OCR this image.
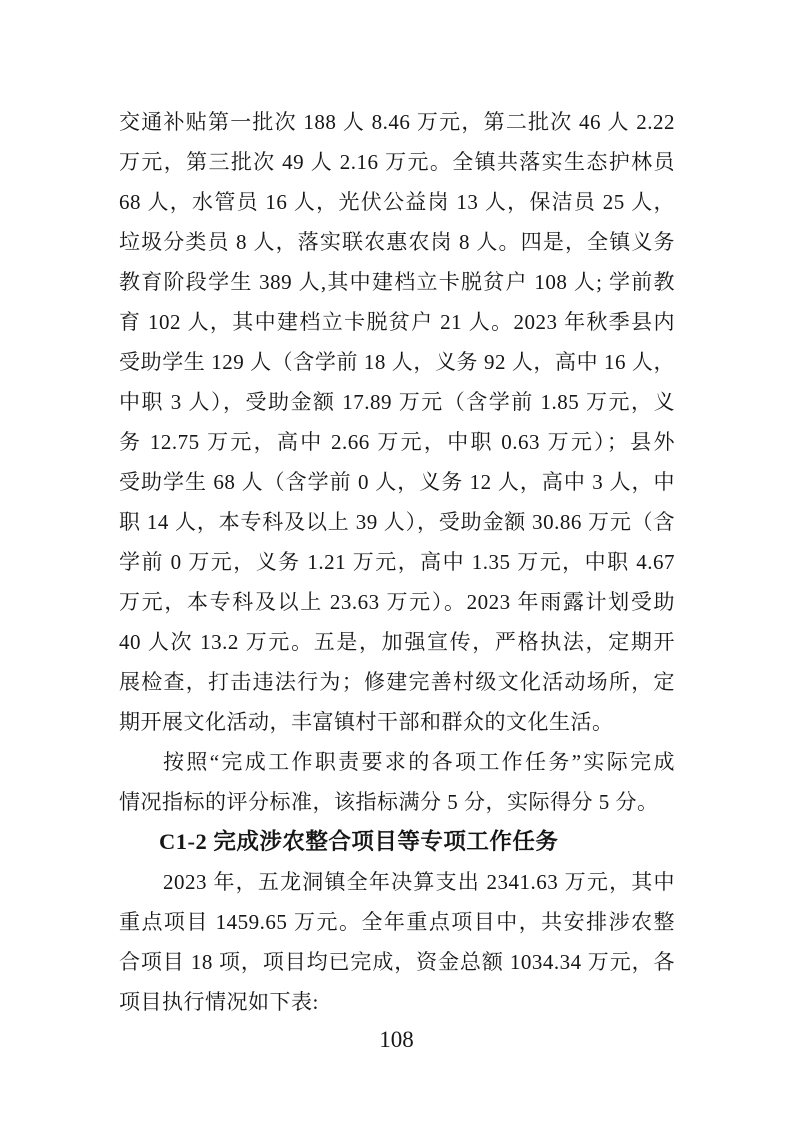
交通补贴第一批次 188 人 8.46 万元，第二批次 46 人 2.22

万元，第三批次 49 人 2.16 万元。全镇共落实生态护林员

68 人，水管员 16 人，光伏公益岗 13 人，保洁员 25 人，

垃圾分类员 8 人，落实联农惠农岗 8 人。四是，全镇义务

教育阶段学生 389 人,其中建档立卡脱贫户 108 人; 学前教

育 102 人，其中建档立卡脱贫户 21 人。2023 年秋季县内

受助学生 129 人（含学前 18 人，义务 92 人，高中 16 人，

中职 3 人），受助金额 17.89 万元（含学前 1.85 万元，义

务 12.75 万元，高中 2.66 万元，中职 0.63 万元）；县外

受助学生 68 人（含学前 0 人，义务 12 人，高中 3 人，中

职 14 人，本专科及以上 39 人），受助金额 30.86 万元（含

学前 0 万元，义务 1.21 万元，高中 1.35 万元，中职 4.67

万元，本专科及以上 23.63 万元）。2023 年雨露计划受助

40 人次 13.2 万元。五是，加强宣传，严格执法，定期开

展检查，打击违法行为；修建完善村级文化活动场所，定

期开展文化活动，丰富镇村干部和群众的文化生活。

按照“完成工作职责要求的各项工作任务”实际完成

情况指标的评分标准，该指标满分 5 分，实际得分 5 分。

C1-2 完成涉农整合项目等专项工作任务

2023 年，五龙洞镇全年决算支出 2341.63 万元，其中

重点项目 1459.65 万元。全年重点项目中，共安排涉农整

合项目 18 项，项目均已完成，资金总额 1034.34 万元，各

项目执行情况如下表:

108
